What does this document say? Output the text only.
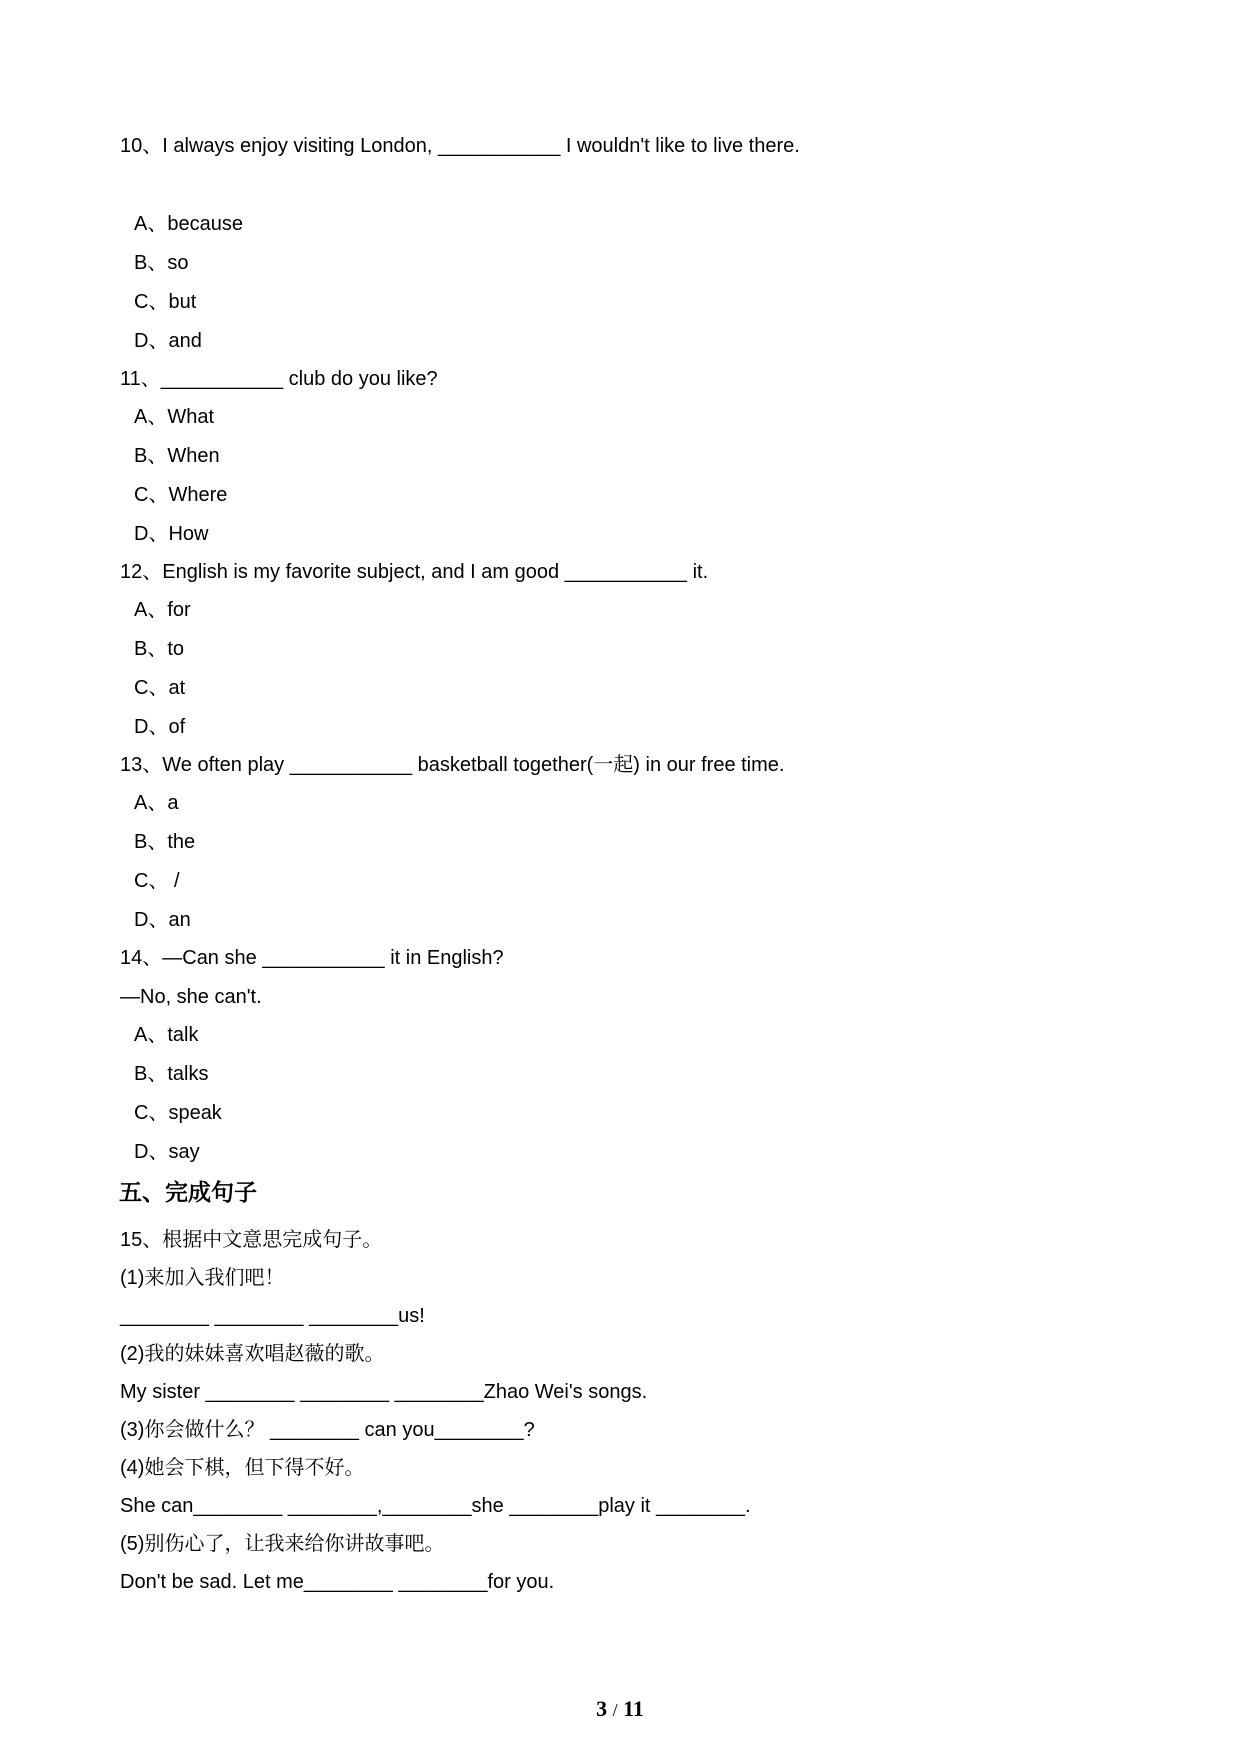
10、I always enjoy visiting London, ___________ I wouldn't like to live there.
A、because
B、so
C、but
D、and
11、___________ club do you like?
A、What
B、When
C、Where
D、How
12、English is my favorite subject, and I am good ___________ it.
A、for
B、to
C、at
D、of
13、We often play ___________ basketball together(一起) in our free time.
A、a
B、the
C、 /
D、an
14、—Can she ___________ it in English?
—No, she can't.
A、talk
B、talks
C、speak
D、say
15、根据中文意思完成句子。
(1)来加入我们吧！
________ ________ ________us!
(2)我的妹妹喜欢唱赵薇的歌。
My sister ________ ________ ________Zhao Wei's songs.
(3)你会做什么？ ________ can you________?
(4)她会下棋，但下得不好。
She can________ ________,________she ________play it ________.
(5)别伤心了，让我来给你讲故事吧。
Don't be sad. Let me________ ________for you.
五、完成句子
3 / 11
